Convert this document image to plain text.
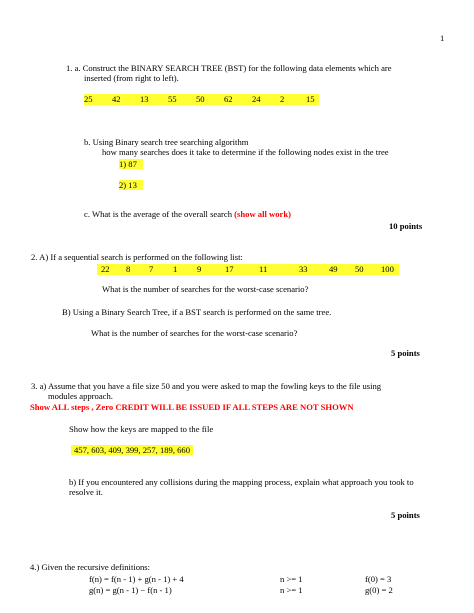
1
1. a. Construct the BINARY SEARCH TREE (BST) for the following data elements which are
inserted (from right to left).
25 42 13 55 50 62 24 2	15
b. Using Binary search tree searching algorithm
how many searches does it take to determine if the following nodes exist in the tree
1) 87
2) 13
c. What is the average of the overall search (show all work)
10 points
2. A) If a sequential search is performed on the following list:
22 8 7 1 9	17	11	33 49 50 100
What is the number of searches for the worst-case scenario?
B) Using a Binary Search Tree, if a BST search is performed on the same tree.
What is the number of searches for the worst-case scenario?
5 points
3. a) Assume that you have a file size 50 and you were asked to map the fowling keys to the file using
modules approach.
Show ALL steps , Zero CREDIT WILL BE ISSUED IF ALL STEPS ARE NOT SHOWN
Show how the keys are mapped to the file
457, 603, 409, 399, 257, 189, 660
b) If you encountered any collisions during the mapping process, explain what approach you took to
resolve it.
5 points
4.) Given the recursive definitions:
f(n) = f(n - 1) + g(n - 1) + 4	n >= 1	f(0) = 3
g(n) = g(n - 1) − f(n - 1)	n >= 1	g(0) = 2
